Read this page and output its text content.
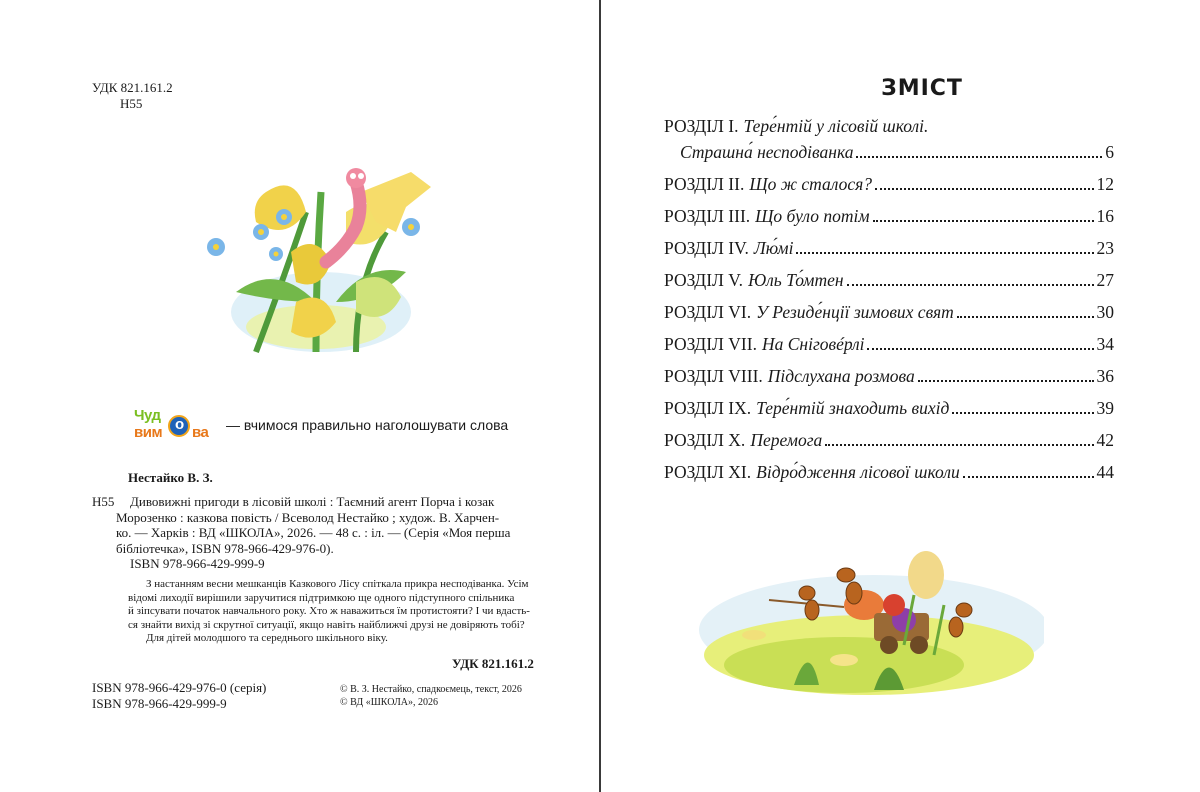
УДК 821.161.2
Н55
Чуд
вим о ва — вчимося правильно наголошувати слова
Нестайко В. З.
Н55	Дивовижні пригоди в лісовій школі : Таємний агент Порча і козак
Морозенко : казкова повість / Всеволод Нестайко ; худож. В. Харчен-
ко. — Харків : ВД «ШКОЛА», 2026. — 48 с. : іл. — (Серія «Моя перша
бібліотечка», ISBN 978-966-429-976-0).
ISBN 978-966-429-999-9
З настанням весни мешканців Казкового Лісу спіткала прикра несподіванка. Усім
відомі лиходії вирішили заручитися підтримкою ще одного підступного спільника
й зіпсувати початок навчального року. Хто ж наважиться їм протистояти? І чи вдасть-
ся знайти вихід зі скрутної ситуації, якщо навіть найближчі друзі не довіряють тобі?
Для дітей молодшого та середнього шкільного віку.
УДК 821.161.2
ISBN 978-966-429-976-0 (серія)
ISBN 978-966-429-999-9
© В. З. Нестайко, спадкоємець, текст, 2026
© ВД «ШКОЛА», 2026
ЗМІСТ
РОЗДІЛ I. Тере́нтій у лісовій школі.
Страшна́ несподіванка	6
РОЗДІЛ II. Що ж сталося?	12
РОЗДІЛ III. Що було потім	16
РОЗДІЛ IV. Лю́мі	23
РОЗДІЛ V. Юль То́мтен	27
РОЗДІЛ VI. У Резиде́нції зимових свят	30
РОЗДІЛ VII. На Сніговéрлі	34
РОЗДІЛ VIII. Підслухана розмова	36
РОЗДІЛ IX. Тере́нтій знаходить вихід	39
РОЗДІЛ X. Перемога	42
РОЗДІЛ XI. Відро́дження лісової школи	44
